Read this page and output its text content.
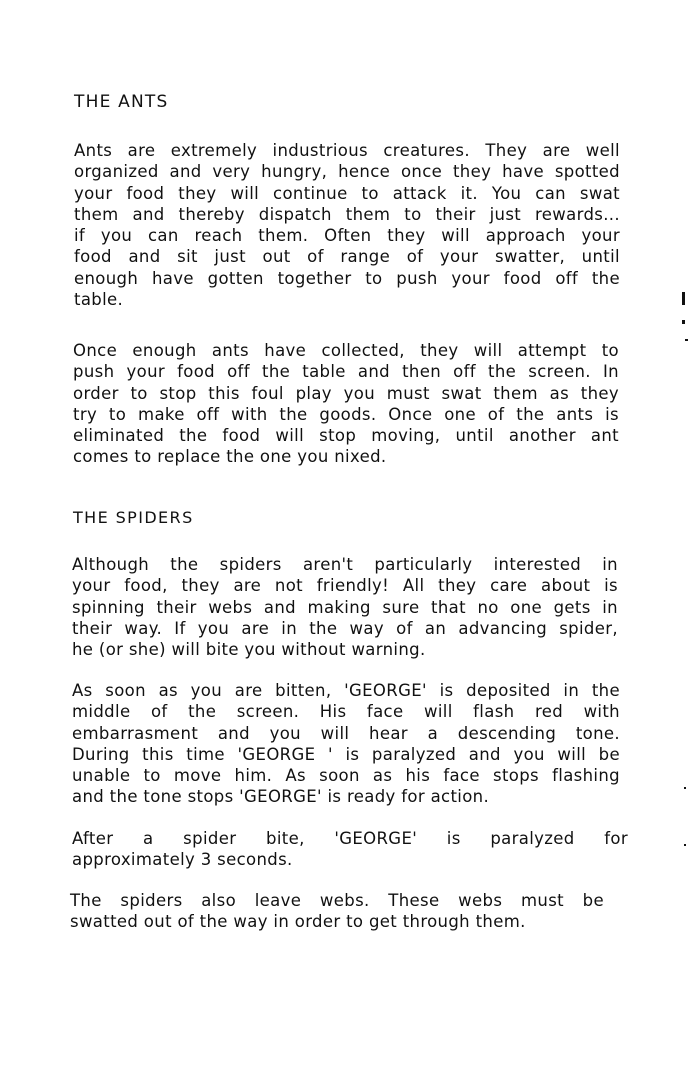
THE ANTS
Ants are extremely industrious creatures. They are well
organized and very hungry, hence once they have spotted
your food they will continue to attack it. You can swat
them and thereby dispatch them to their just rewards...
if you can reach them. Often they will approach your
food and sit just out of range of your swatter, until
enough have gotten together to push your food off the
table.
Once enough ants have collected, they will attempt to
push your food off the table and then off the screen. In
order to stop this foul play you must swat them as they
try to make off with the goods. Once one of the ants is
eliminated the food will stop moving, until another ant
comes to replace the one you nixed.
THE SPIDERS
Although the spiders aren't particularly interested in
your food, they are not friendly! All they care about is
spinning their webs and making sure that no one gets in
their way. If you are in the way of an advancing spider,
he (or she) will bite you without warning.
As soon as you are bitten, 'GEORGE' is deposited in the
middle of the screen. His face will flash red with
embarrasment and you will hear a descending tone.
During this time 'GEORGE ' is paralyzed and you will be
unable to move him. As soon as his face stops flashing
and the tone stops 'GEORGE' is ready for action.
After a spider bite, 'GEORGE' is paralyzed for
approximately 3 seconds.
The spiders also leave webs. These webs must be
swatted out of the way in order to get through them.
